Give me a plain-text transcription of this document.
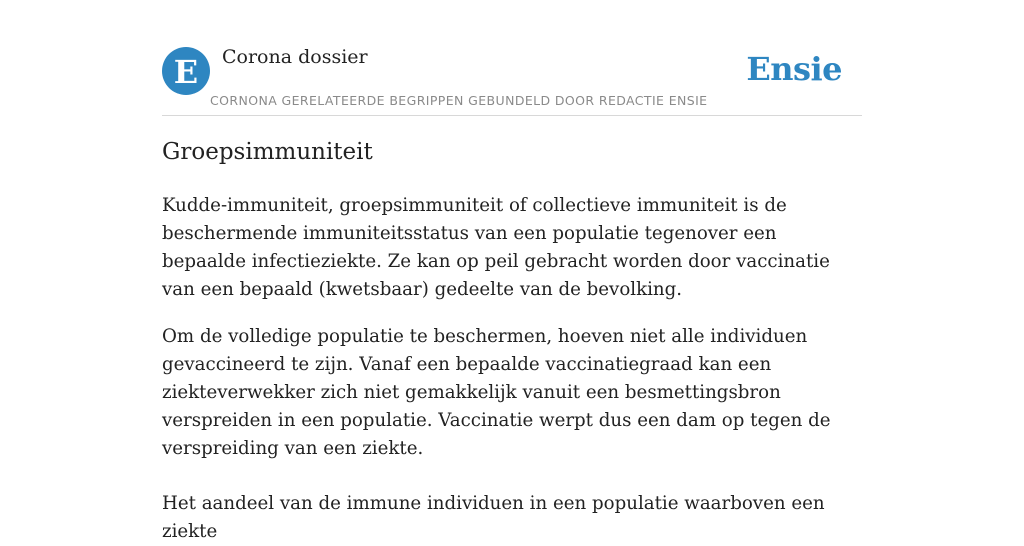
E Corona dossier
CORNONA GERELATEERDE BEGRIPPEN GEBUNDELD DOOR REDACTIE ENSIE
Ensie
Groepsimmuniteit

Kudde-immuniteit, groepsimmuniteit of collectieve immuniteit is de beschermende immuniteitsstatus van een populatie tegenover een bepaalde infectieziekte. Ze kan op peil gebracht worden door vaccinatie van een bepaald (kwetsbaar) gedeelte van de bevolking.

Om de volledige populatie te beschermen, hoeven niet alle individuen gevaccineerd te zijn. Vanaf een bepaalde vaccinatiegraad kan een ziekteverwekker zich niet gemakkelijk vanuit een besmettingsbron verspreiden in een populatie. Vaccinatie werpt dus een dam op tegen de verspreiding van een ziekte.

Het aandeel van de immune individuen in een populatie waarboven een ziekte
